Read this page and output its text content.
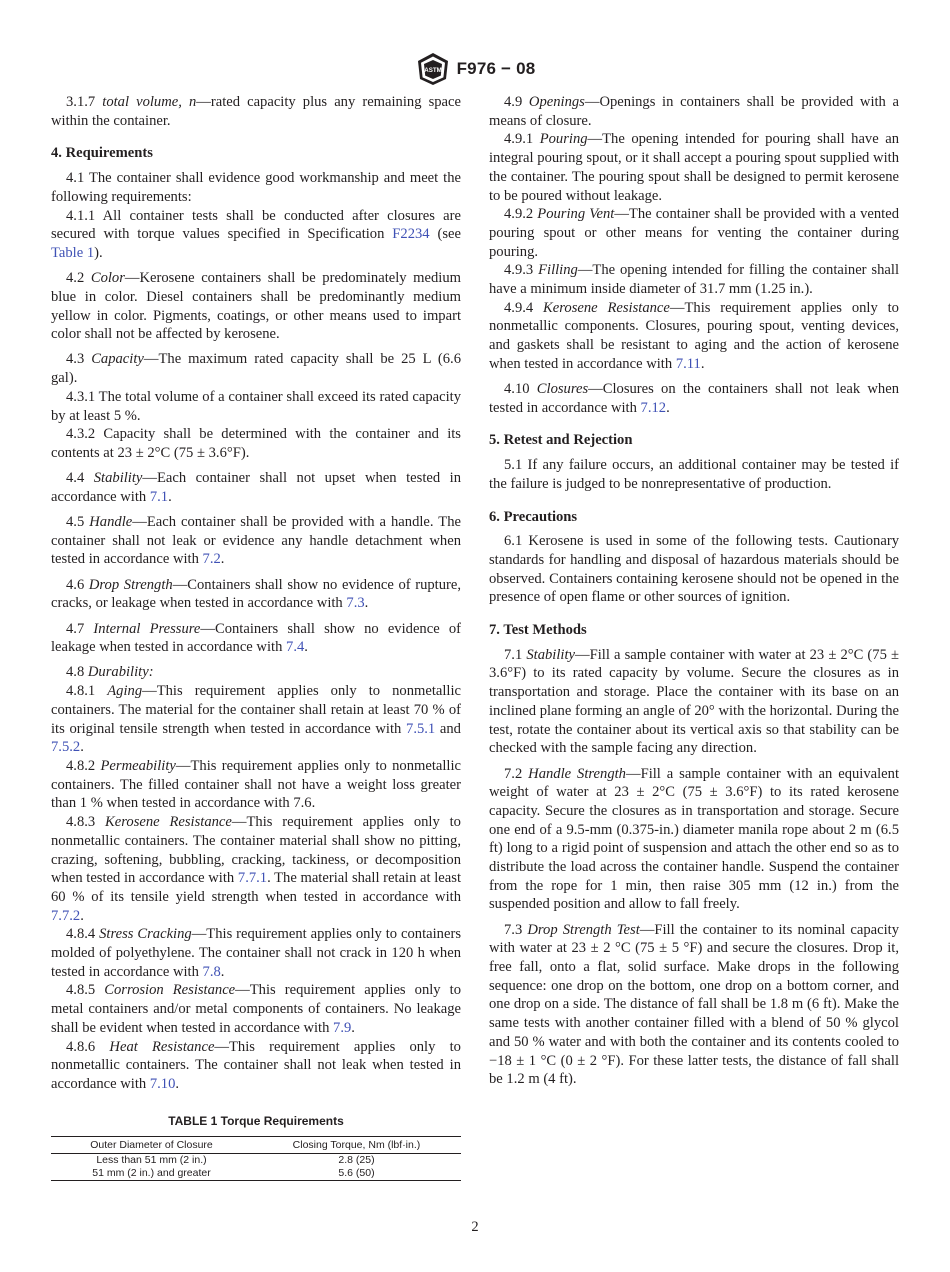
ASTM F976 − 08

3.1.7 total volume, n—rated capacity plus any remaining space within the container.

4. Requirements

4.1 The container shall evidence good workmanship and meet the following requirements:

4.1.1 All container tests shall be conducted after closures are secured with torque values specified in Specification F2234 (see Table 1).

4.2 Color—Kerosene containers shall be predominately medium blue in color. Diesel containers shall be predominantly medium yellow in color. Pigments, coatings, or other means used to impart color shall not be affected by kerosene.

4.3 Capacity—The maximum rated capacity shall be 25 L (6.6 gal).

4.3.1 The total volume of a container shall exceed its rated capacity by at least 5 %.

4.3.2 Capacity shall be determined with the container and its contents at 23 ± 2°C (75 ± 3.6°F).

4.4 Stability—Each container shall not upset when tested in accordance with 7.1.

4.5 Handle—Each container shall be provided with a handle. The container shall not leak or evidence any handle detachment when tested in accordance with 7.2.

4.6 Drop Strength—Containers shall show no evidence of rupture, cracks, or leakage when tested in accordance with 7.3.

4.7 Internal Pressure—Containers shall show no evidence of leakage when tested in accordance with 7.4.

4.8 Durability:

4.8.1 Aging—This requirement applies only to nonmetallic containers. The material for the container shall retain at least 70 % of its original tensile strength when tested in accordance with 7.5.1 and 7.5.2.

4.8.2 Permeability—This requirement applies only to nonmetallic containers. The filled container shall not have a weight loss greater than 1 % when tested in accordance with 7.6.

4.8.3 Kerosene Resistance—This requirement applies only to nonmetallic containers. The container material shall show no pitting, crazing, softening, bubbling, cracking, tackiness, or decomposition when tested in accordance with 7.7.1. The material shall retain at least 60 % of its tensile yield strength when tested in accordance with 7.7.2.

4.8.4 Stress Cracking—This requirement applies only to containers molded of polyethylene. The container shall not crack in 120 h when tested in accordance with 7.8.

4.8.5 Corrosion Resistance—This requirement applies only to metal containers and/or metal components of containers. No leakage shall be evident when tested in accordance with 7.9.

4.8.6 Heat Resistance—This requirement applies only to nonmetallic containers. The container shall not leak when tested in accordance with 7.10.

TABLE 1 Torque Requirements
Outer Diameter of Closure	Closing Torque, Nm (lbf·in.)
Less than 51 mm (2 in.)	2.8 (25)
51 mm (2 in.) and greater	5.6 (50)

4.9 Openings—Openings in containers shall be provided with a means of closure.

4.9.1 Pouring—The opening intended for pouring shall have an integral pouring spout, or it shall accept a pouring spout supplied with the container. The pouring spout shall be designed to permit kerosene to be poured without leakage.

4.9.2 Pouring Vent—The container shall be provided with a vented pouring spout or other means for venting the container during pouring.

4.9.3 Filling—The opening intended for filling the container shall have a minimum inside diameter of 31.7 mm (1.25 in.).

4.9.4 Kerosene Resistance—This requirement applies only to nonmetallic components. Closures, pouring spout, venting devices, and gaskets shall be resistant to aging and the action of kerosene when tested in accordance with 7.11.

4.10 Closures—Closures on the containers shall not leak when tested in accordance with 7.12.

5. Retest and Rejection

5.1 If any failure occurs, an additional container may be tested if the failure is judged to be nonrepresentative of production.

6. Precautions

6.1 Kerosene is used in some of the following tests. Cautionary standards for handling and disposal of hazardous materials should be observed. Containers containing kerosene should not be opened in the presence of open flame or other sources of ignition.

7. Test Methods

7.1 Stability—Fill a sample container with water at 23 ± 2°C (75 ± 3.6°F) to its rated capacity by volume. Secure the closures as in transportation and storage. Place the container with its base on an inclined plane forming an angle of 20° with the horizontal. During the test, rotate the container about its vertical axis so that stability can be checked with the sample facing any direction.

7.2 Handle Strength—Fill a sample container with an equivalent weight of water at 23 ± 2°C (75 ± 3.6°F) to its rated kerosene capacity. Secure the closures as in transportation and storage. Secure one end of a 9.5-mm (0.375-in.) diameter manila rope about 2 m (6.5 ft) long to a rigid point of suspension and attach the other end so as to distribute the load across the container handle. Suspend the container from the rope for 1 min, then raise 305 mm (12 in.) from the suspended position and allow to fall freely.

7.3 Drop Strength Test—Fill the container to its nominal capacity with water at 23 ± 2 °C (75 ± 5 °F) and secure the closures. Drop it, free fall, onto a flat, solid surface. Make drops in the following sequence: one drop on the bottom, one drop on a bottom corner, and one drop on a side. The distance of fall shall be 1.8 m (6 ft). Make the same tests with another container filled with a blend of 50 % glycol and 50 % water and with both the container and its contents cooled to −18 ± 1 °C (0 ± 2 °F). For these latter tests, the distance of fall shall be 1.2 m (4 ft).

2
